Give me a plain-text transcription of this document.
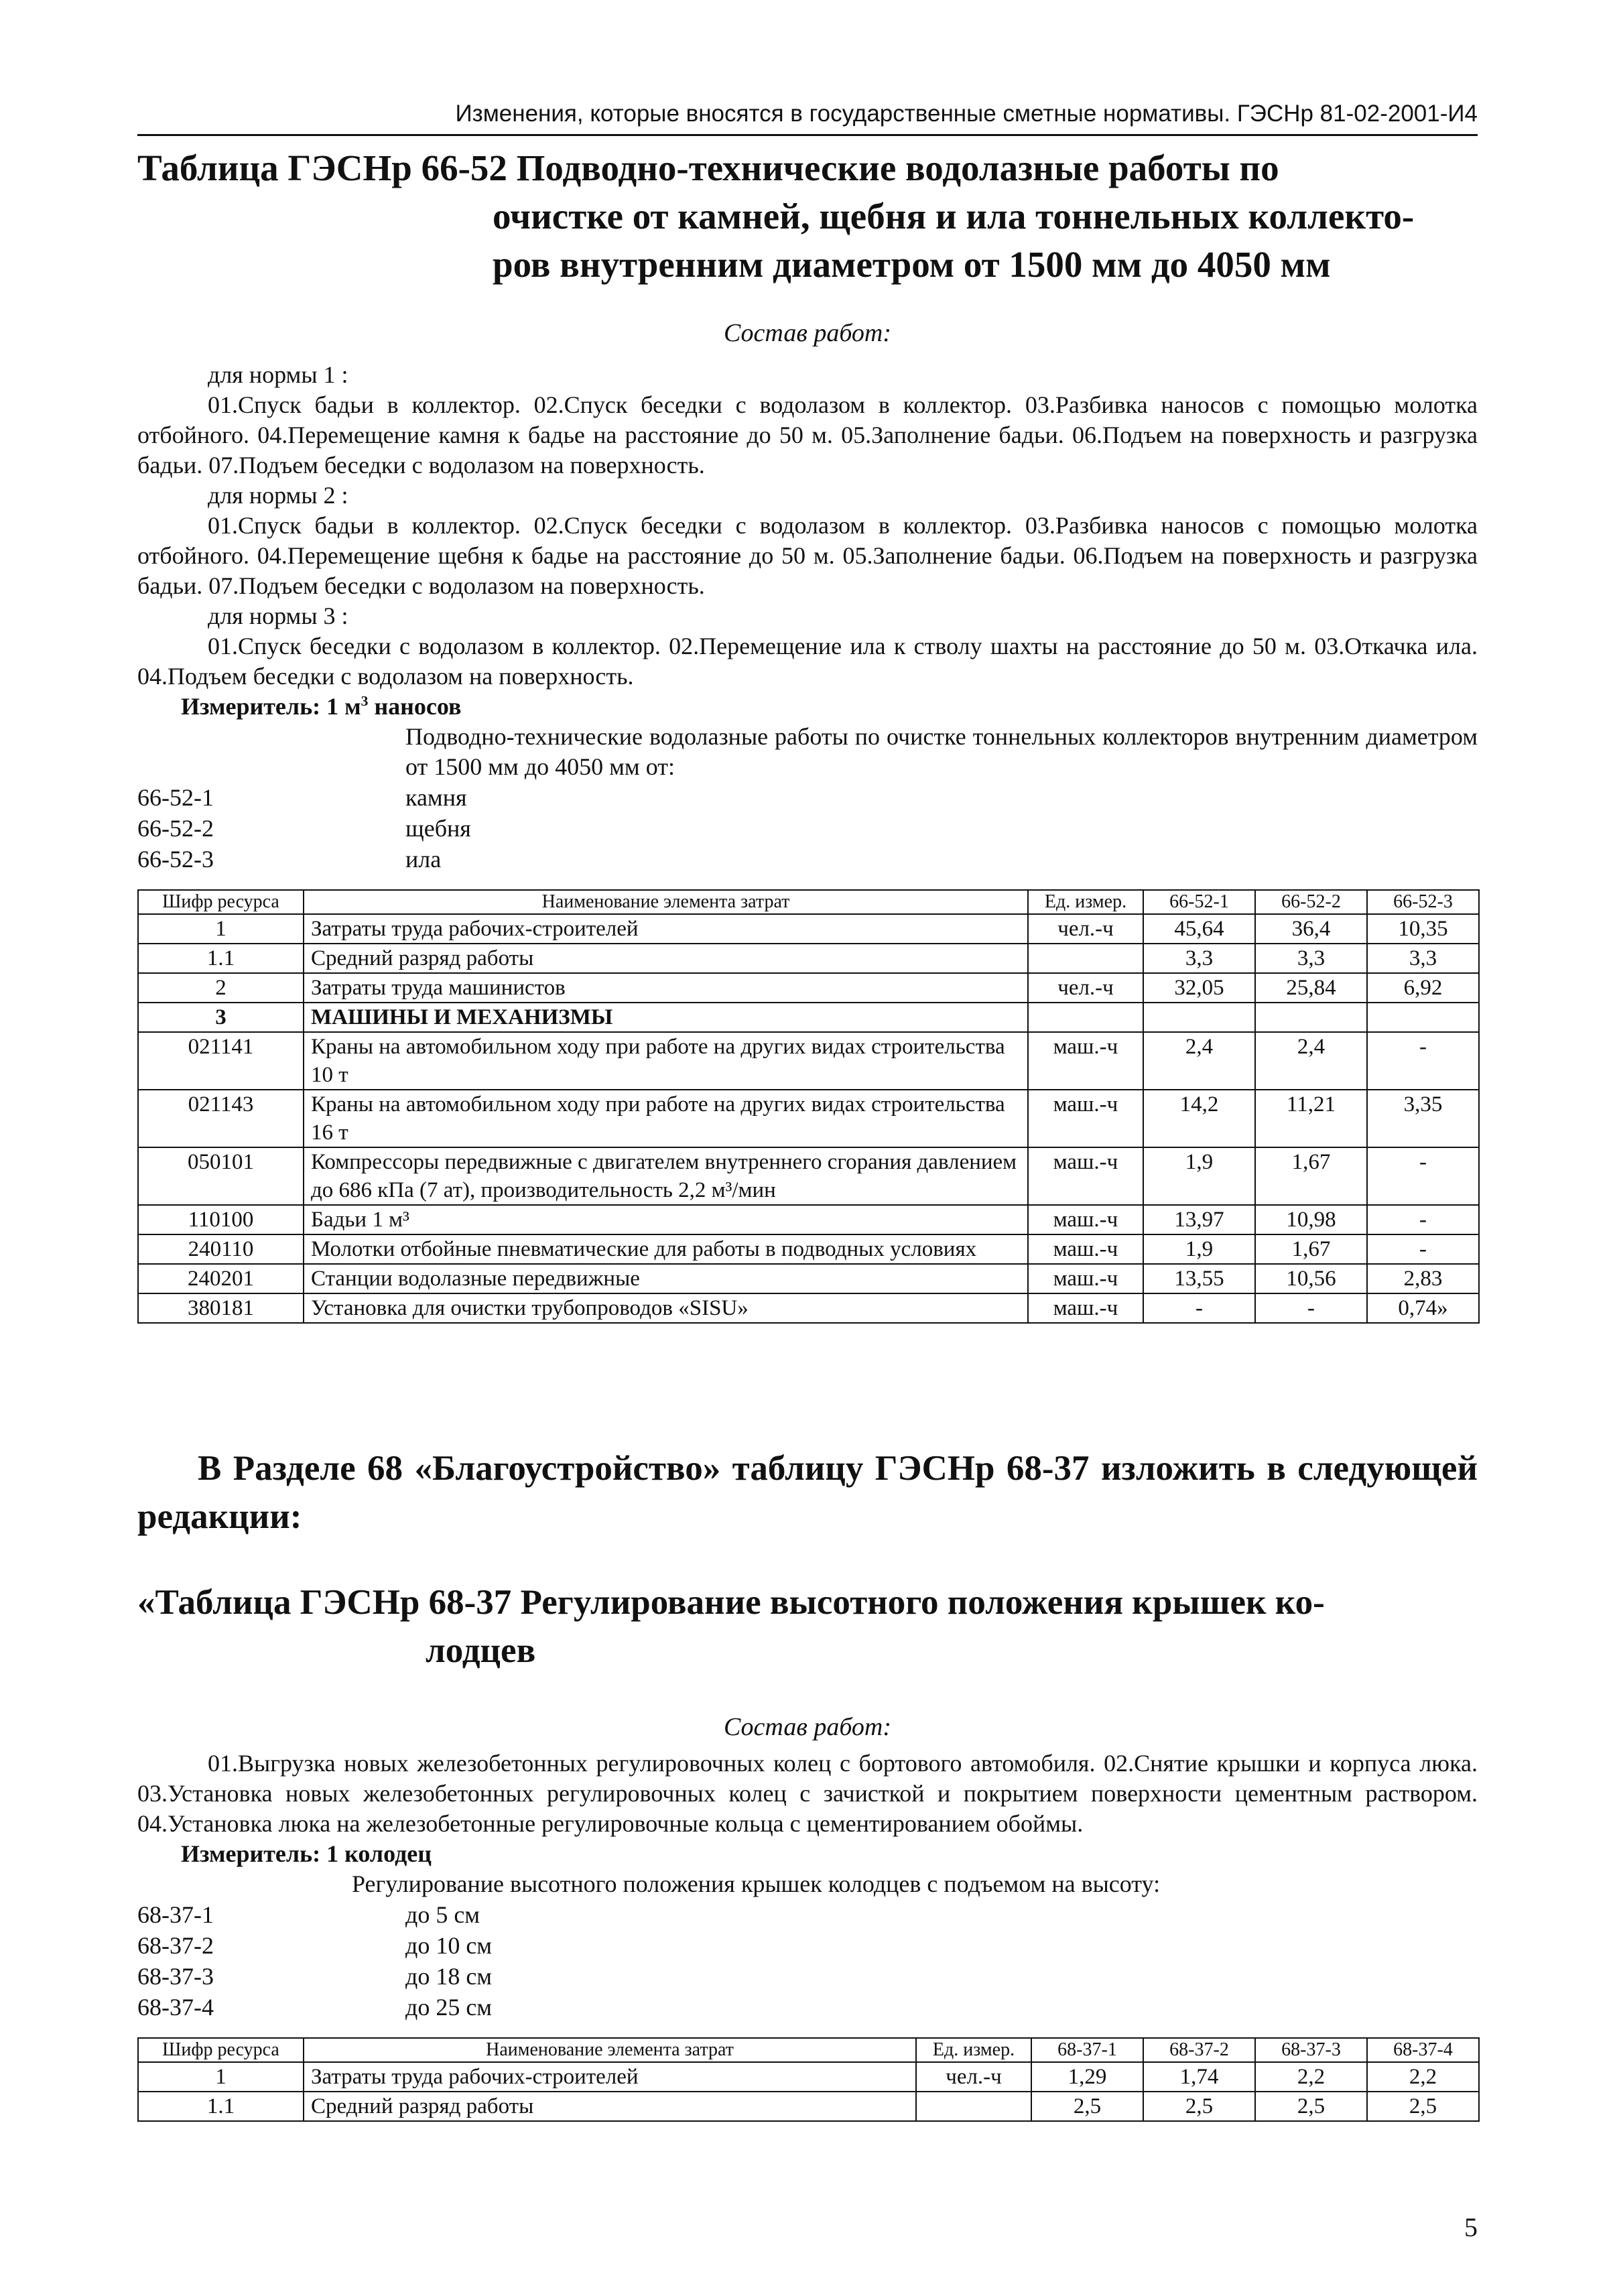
Изменения, которые вносятся в государственные сметные нормативы. ГЭСНр 81-02-2001-И4
Таблица ГЭСНр 66-52 Подводно-технические водолазные работы по
очистке от камней, щебня и ила тоннельных коллекто-
ров внутренним диаметром от 1500 мм до 4050 мм
Состав работ:
для нормы 1 :
01.Спуск бадьи в коллектор. 02.Спуск беседки с водолазом в коллектор. 03.Разбивка наносов с помощью молотка отбойного. 04.Перемещение камня к бадье на расстояние до 50 м. 05.Заполнение бадьи. 06.Подъем на поверхность и разгрузка бадьи. 07.Подъем беседки с водолазом на поверхность.
для нормы 2 :
01.Спуск бадьи в коллектор. 02.Спуск беседки с водолазом в коллектор. 03.Разбивка наносов с помощью молотка отбойного. 04.Перемещение щебня к бадье на расстояние до 50 м. 05.Заполнение бадьи. 06.Подъем на поверхность и разгрузка бадьи. 07.Подъем беседки с водолазом на поверхность.
для нормы 3 :
01.Спуск беседки с водолазом в коллектор. 02.Перемещение ила к стволу шахты на расстояние до 50 м. 03.Откачка ила. 04.Подъем беседки с водолазом на поверхность.
Измеритель: 1 $м^3$ наносов
Подводно-технические водолазные работы по очистке тоннельных коллекторов внутренним диаметром от 1500 мм до 4050 мм от:
66-52-1	камня
66-52-2	щебня
66-52-3	ила
Шифр ресурса	Наименование элемента затрат	Ед. измер.	66-52-1	66-52-2	66-52-3
1	Затраты труда рабочих-строителей	чел.-ч	45,64	36,4	10,35
1.1	Средний разряд работы		3,3	3,3	3,3
2	Затраты труда машинистов	чел.-ч	32,05	25,84	6,92
3	МАШИНЫ И МЕХАНИЗМЫ				
021141	Краны на автомобильном ходу при работе на других видах строительства 10 т	маш.-ч	2,4	2,4	-
021143	Краны на автомобильном ходу при работе на других видах строительства 16 т	маш.-ч	14,2	11,21	3,35
050101	Компрессоры передвижные с двигателем внутреннего сгорания давлением до 686 кПа (7 ат), производительность 2,2 м³/мин	маш.-ч	1,9	1,67	-
110100	Бадьи 1 м³	маш.-ч	13,97	10,98	-
240110	Молотки отбойные пневматические для работы в подводных условиях	маш.-ч	1,9	1,67	-
240201	Станции водолазные передвижные	маш.-ч	13,55	10,56	2,83
380181	Установка для очистки трубопроводов «SISU»	маш.-ч	-	-	0,74»
В Разделе 68 «Благоустройство» таблицу ГЭСНр 68-37 изложить в следующей редакции:
«Таблица ГЭСНр 68-37 Регулирование высотного положения крышек ко-
лодцев
Состав работ:
01.Выгрузка новых железобетонных регулировочных колец с бортового автомобиля. 02.Снятие крышки и корпуса люка. 03.Установка новых железобетонных регулировочных колец с зачисткой и покрытием поверхности цементным раствором. 04.Установка люка на железобетонные регулировочные кольца с цементированием обоймы.
Измеритель: 1 колодец
Регулирование высотного положения крышек колодцев с подъемом на высоту:
68-37-1	до 5 см
68-37-2	до 10 см
68-37-3	до 18 см
68-37-4	до 25 см
Шифр ресурса	Наименование элемента затрат	Ед. измер.	68-37-1	68-37-2	68-37-3	68-37-4
1	Затраты труда рабочих-строителей	чел.-ч	1,29	1,74	2,2	2,2
1.1	Средний разряд работы		2,5	2,5	2,5	2,5
5
